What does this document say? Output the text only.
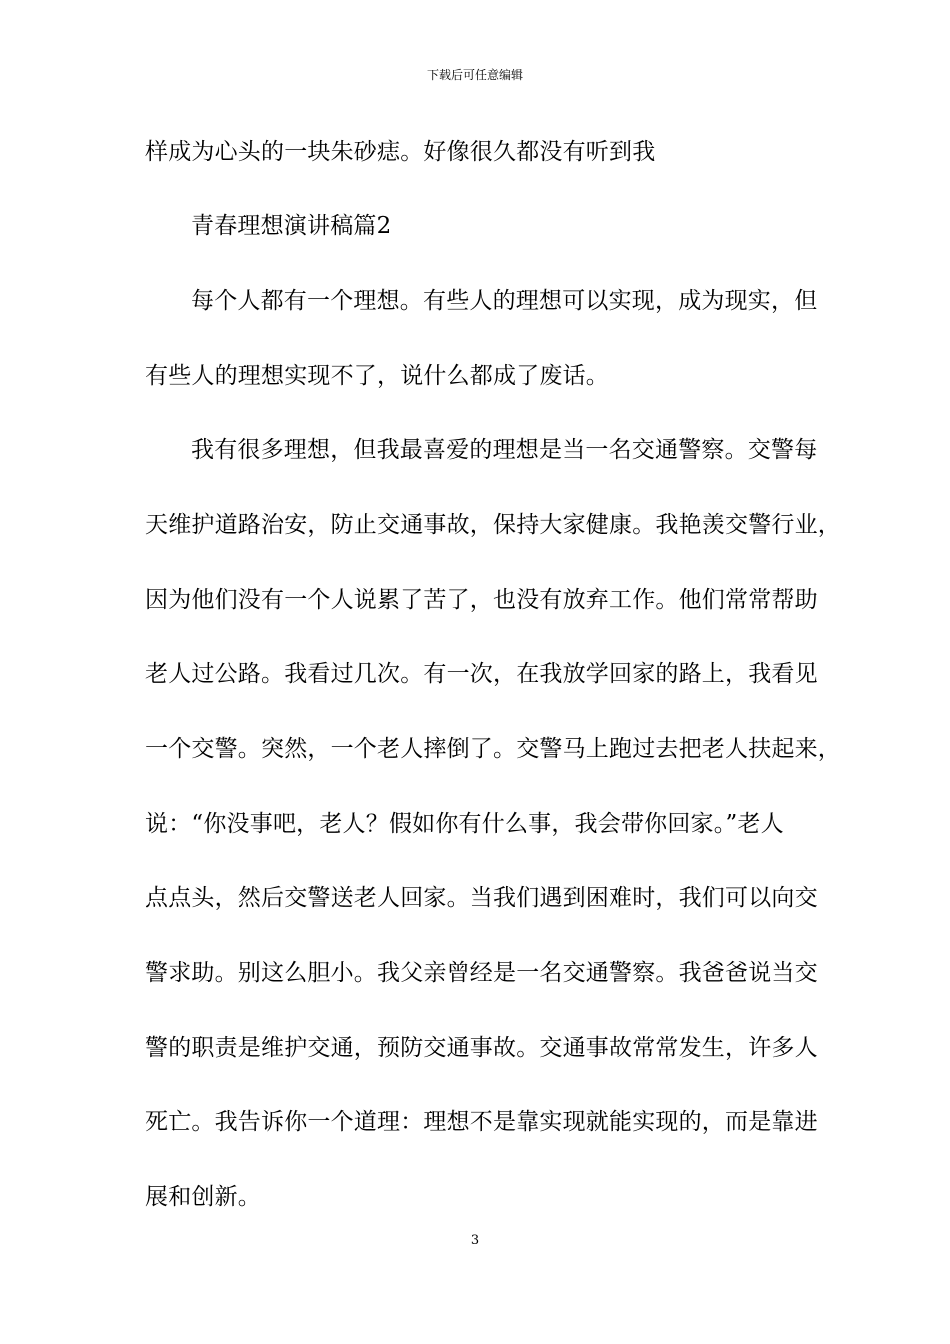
下载后可任意编辑
样成为心头的一块朱砂痣。好像很久都没有听到我
青春理想演讲稿篇2
每个人都有一个理想。有些人的理想可以实现，成为现实，但
有些人的理想实现不了，说什么都成了废话。
我有很多理想，但我最喜爱的理想是当一名交通警察。交警每
天维护道路治安，防止交通事故，保持大家健康。我艳羡交警行业，
因为他们没有一个人说累了苦了，也没有放弃工作。他们常常帮助
老人过公路。我看过几次。有一次，在我放学回家的路上，我看见
一个交警。突然，一个老人摔倒了。交警马上跑过去把老人扶起来，
说：“你没事吧，老人？假如你有什么事，我会带你回家。”老人
点点头，然后交警送老人回家。当我们遇到困难时，我们可以向交
警求助。别这么胆小。我父亲曾经是一名交通警察。我爸爸说当交
警的职责是维护交通，预防交通事故。交通事故常常发生，许多人
死亡。我告诉你一个道理：理想不是靠实现就能实现的，而是靠进
展和创新。
3
